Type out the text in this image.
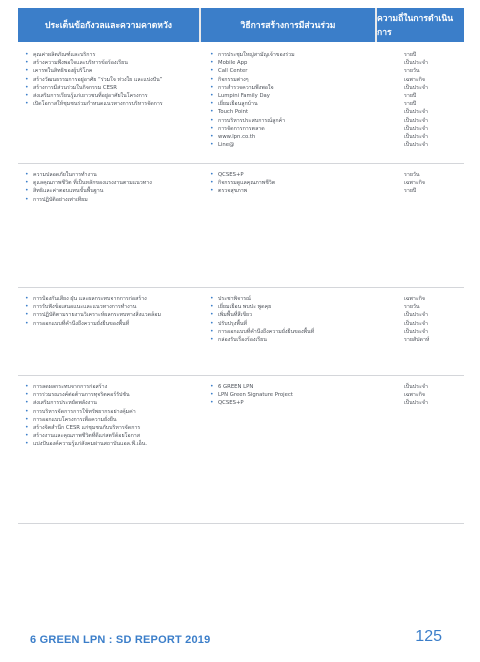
ประเด็นข้อกังวลและความคาดหวัง	วิธีการสร้างการมีส่วนร่วม
ความถี่ในการดำเนินการ
• คุณค่าผลิตภัณฑ์และบริการ
• สร้างความพึงพอใจและบริหารข้อร้องเรียน
• เคารพในสิทธิของผู้บริโภค
• สร้างวัฒนธรรมการอยู่อาศัย “ร่วมใจ ห่วงใย และแบ่งปัน”
• สร้างการมีส่วนร่วมในกิจกรรม CESR
• ส่งเสริมการเรียนรู้แก่เยาวชนที่อยู่อาศัยในโครงการ
• เปิดโอกาสให้ชุมชนร่วมกำหนดแนวทางการบริหารจัดการ
• การประชุมใหญ่สามัญเจ้าของร่วม
• Mobile App
• Call Center
• กิจกรรมต่างๆ
• การสำรวจความพึงพอใจ
• Lumpini Family Day
• เยี่ยมเยือนลูกบ้าน
• Touch Point
• การบริหารประสบการณ์ลูกค้า
• การจัดการการตลาด
• www.lpn.co.th
• Line@
รายปี
เป็นประจำ
รายวัน
เฉพาะกิจ
เป็นประจำ
รายปี
รายปี
เป็นประจำ
เป็นประจำ
เป็นประจำ
เป็นประจำ
เป็นประจำ
• ความปลอดภัยในการทำงาน
• ดูแลคุณภาพชีวิต ที่เป็นหลักของแรงงานตามแนวทาง
• สิทธิและค่าตอบแทนขั้นพื้นฐาน
• การปฏิบัติอย่างเท่าเทียม
• QCSES+P
• กิจกรรมดูแลคุณภาพชีวิต
• ตรวจสุขภาพ
รายวัน
เฉพาะกิจ
รายปี
• การป้องกันเสียง ฝุ่น และผลกระทบจากการก่อสร้าง
• การรับฟังข้อเสนอแนะและแนวทางการทำงาน
• การปฏิบัติตามรายงานวิเคราะห์ผลกระทบทางสิ่งแวดล้อม
• การออกแบบที่คำนึงถึงความยั่งยืนของพื้นที่
• ประชาพิจารณ์
• เยี่ยมเยือน พบปะ พูดคุย
• เพิ่มพื้นที่สีเขียว
• ปรับปรุงพื้นที่
• การออกแบบที่คำนึงถึงความยั่งยืนของพื้นที่
• กล่องรับเรื่องร้องเรียน
เฉพาะกิจ
รายวัน
เป็นประจำ
เป็นประจำ
เป็นประจำ
รายสัปดาห์
• การลดผลกระทบจากการก่อสร้าง
• การร่วมรณรงค์ต่อต้านการทุจริตคอร์รัปชัน
• ส่งเสริมการประหยัดพลังงาน
• การบริหารจัดการการใช้ทรัพยากรอย่างคุ้มค่า
• การออกแบบโครงการเพื่อความยั่งยืน
• สร้างจิตสำนึก CESR แก่ชุมชนกับบริหารจัดการ
• สร้างงานและคุณภาพชีวิตที่ดีแก่สตรีด้อยโอกาส
• แบ่งปันองค์ความรู้แก่สังคมผ่านสถาบันแอล.พี.เอ็น.
• 6 GREEN LPN
• LPN Green Signature Project
• QCSES+P
เป็นประจำ
เฉพาะกิจ
เป็นประจำ
6 GREEN LPN : SD REPORT 2019	125
